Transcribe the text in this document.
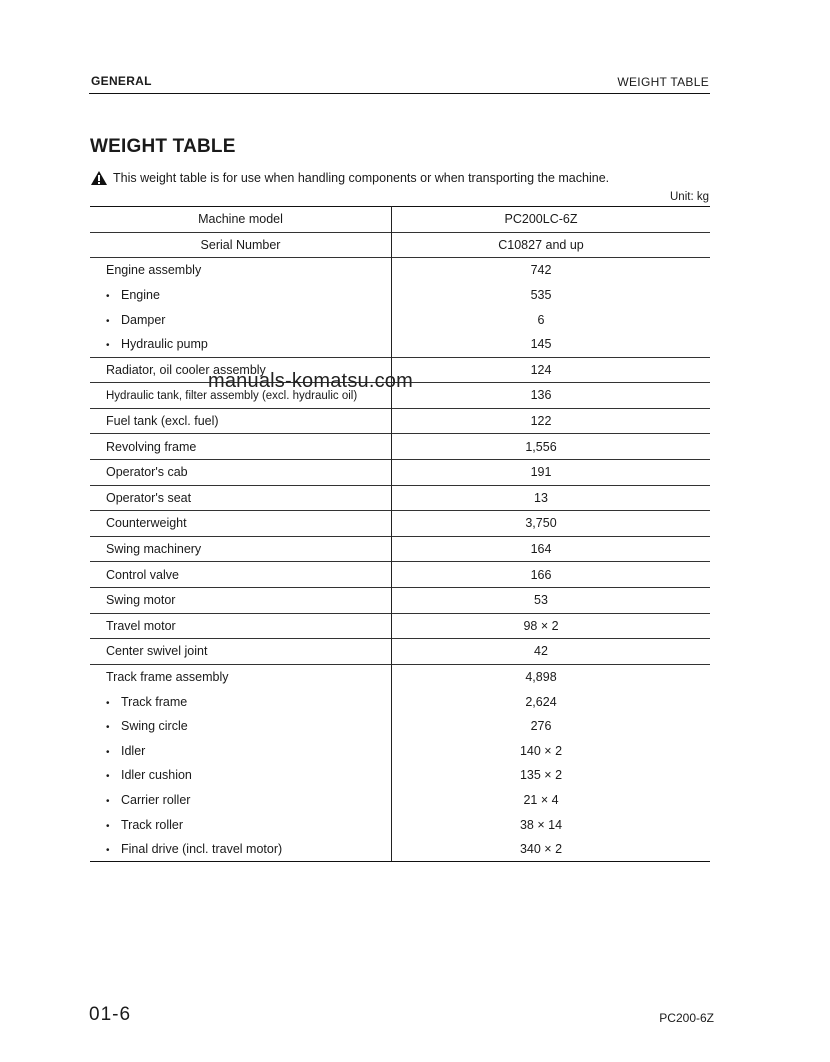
GENERAL	WEIGHT TABLE
WEIGHT TABLE
This weight table is for use when handling components or when transporting the machine.
Unit: kg
Machine model	PC200LC-6Z
Serial Number	C10827 and up
Engine assembly	742
• Engine	535
• Damper	6
• Hydraulic pump	145
Radiator, oil cooler assembly	124
Hydraulic tank, filter assembly (excl. hydraulic oil)	136
Fuel tank (excl. fuel)	122
Revolving frame	1,556
Operator's cab	191
Operator's seat	13
Counterweight	3,750
Swing machinery	164
Control valve	166
Swing motor	53
Travel motor	98 × 2
Center swivel joint	42
Track frame assembly	4,898
• Track frame	2,624
• Swing circle	276
• Idler	140 × 2
• Idler cushion	135 × 2
• Carrier roller	21 × 4
• Track roller	38 × 14
• Final drive (incl. travel motor)	340 × 2
manuals-komatsu.com
01-6	PC200-6Z
